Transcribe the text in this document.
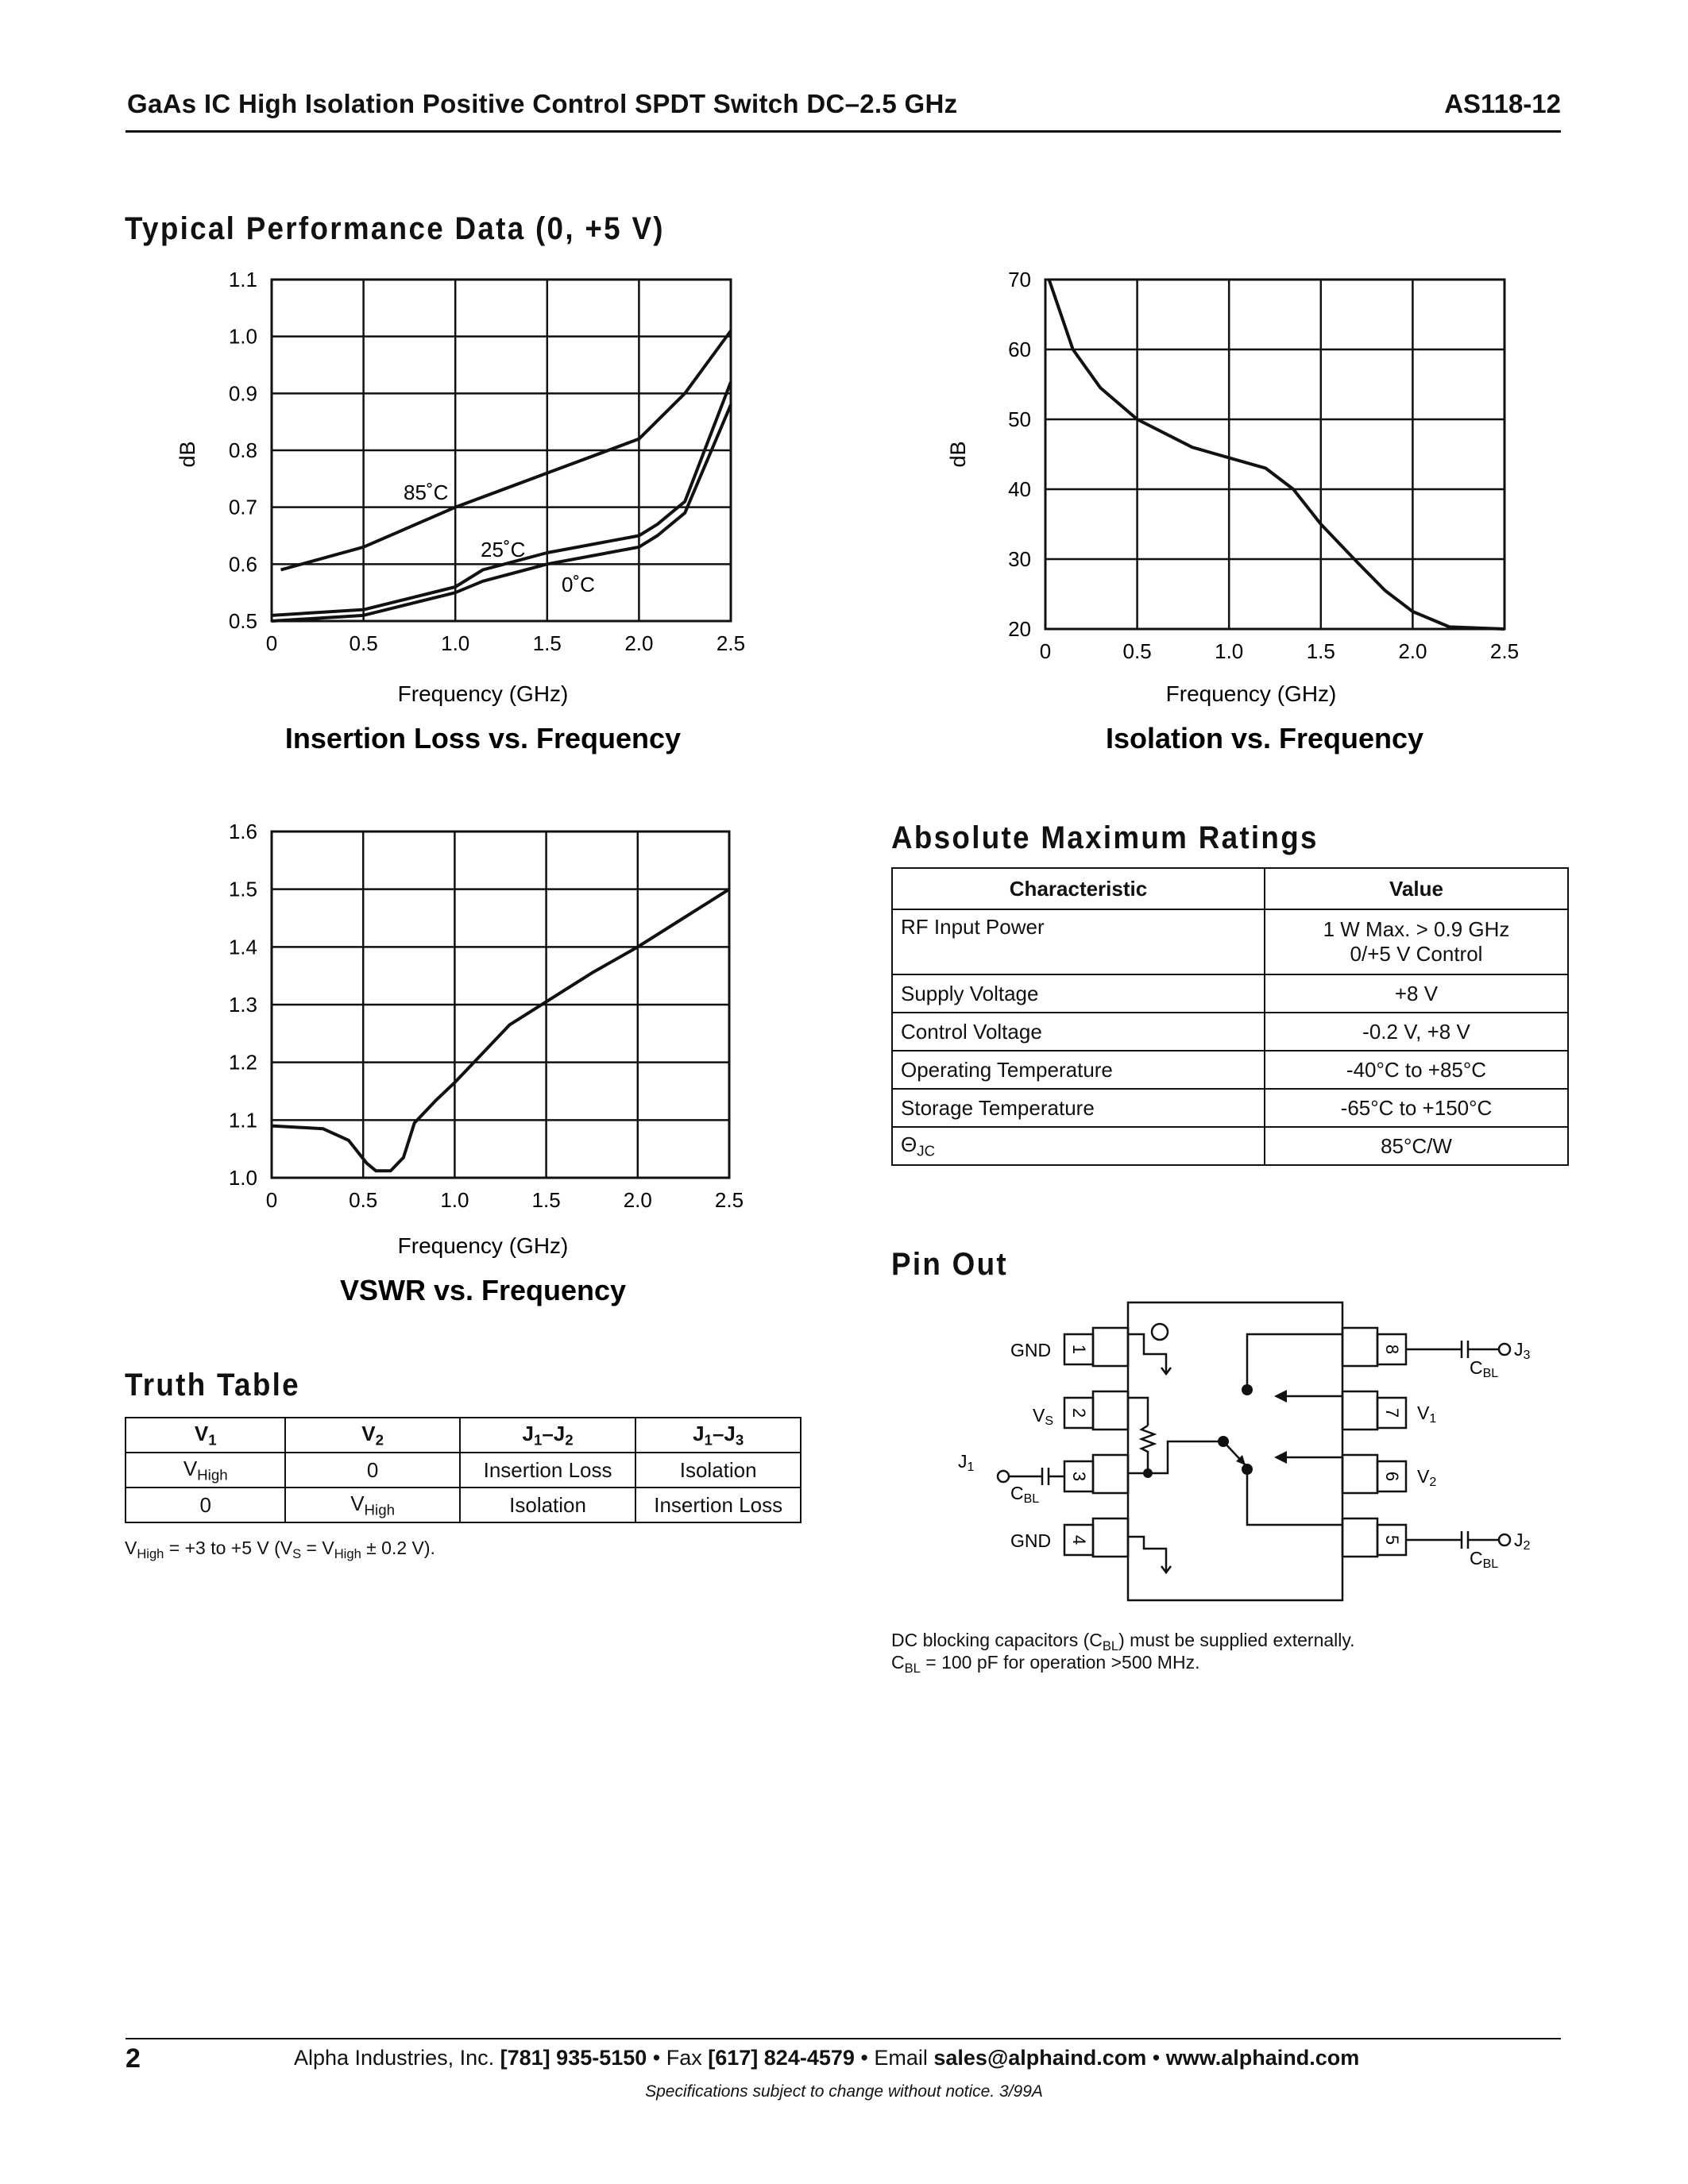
GaAs IC High Isolation Positive Control SPDT Switch DC–2.5 GHz	AS118-12
Typical Performance Data (0, +5 V)
0	0.5	1.0	1.5	2.0	2.5
0.5
0.6
0.7
0.8
0.9
1.0
1.1
dB
Frequency (GHz)
Insertion Loss vs. Frequency
85˚C
25˚C
0˚C
0	0.5	1.0	1.5	2.0	2.5
20
30
40
50
60
70
dB
Frequency (GHz)
Isolation vs. Frequency
0	0.5	1.0	1.5	2.0	2.5
1.0
1.1
1.2
1.3
1.4
1.5
1.6
Frequency (GHz)
VSWR vs. Frequency
Absolute Maximum Ratings
Characteristic	Value
RF Input Power	1 W Max. > 0.9 GHz
0/+5 V Control
Supply Voltage	+8 V
Control Voltage	-0.2 V, +8 V
Operating Temperature	-40°C to +85°C
Storage Temperature	-65°C to +150°C
$\Theta_{JC}$	85°C/W
Pin Out
1
2
3
4
8
7
6
5
GND
VS
J1
CBL
GND
J3
CBL
V1
V2
J2
CBL
DC blocking capacitors $(C_{BL})$ must be supplied externally.
$C_{BL} = 100$ pF for operation >500 MHz.
Truth Table
$V_1$	$V_2$	$J_1-J_2$	$J_1-J_3$
$V_{High}$	0	Insertion Loss	Isolation
0	$V_{High}$	Isolation	Insertion Loss
$V_{High} = +3$ to +5 V ($V_S = V_{High} \pm 0.2$ V).
2	Alpha Industries, Inc. [781] 935-5150 • Fax [617] 824-4579 • Email sales@alphaind.com • www.alphaind.com
Specifications subject to change without notice. 3/99A
